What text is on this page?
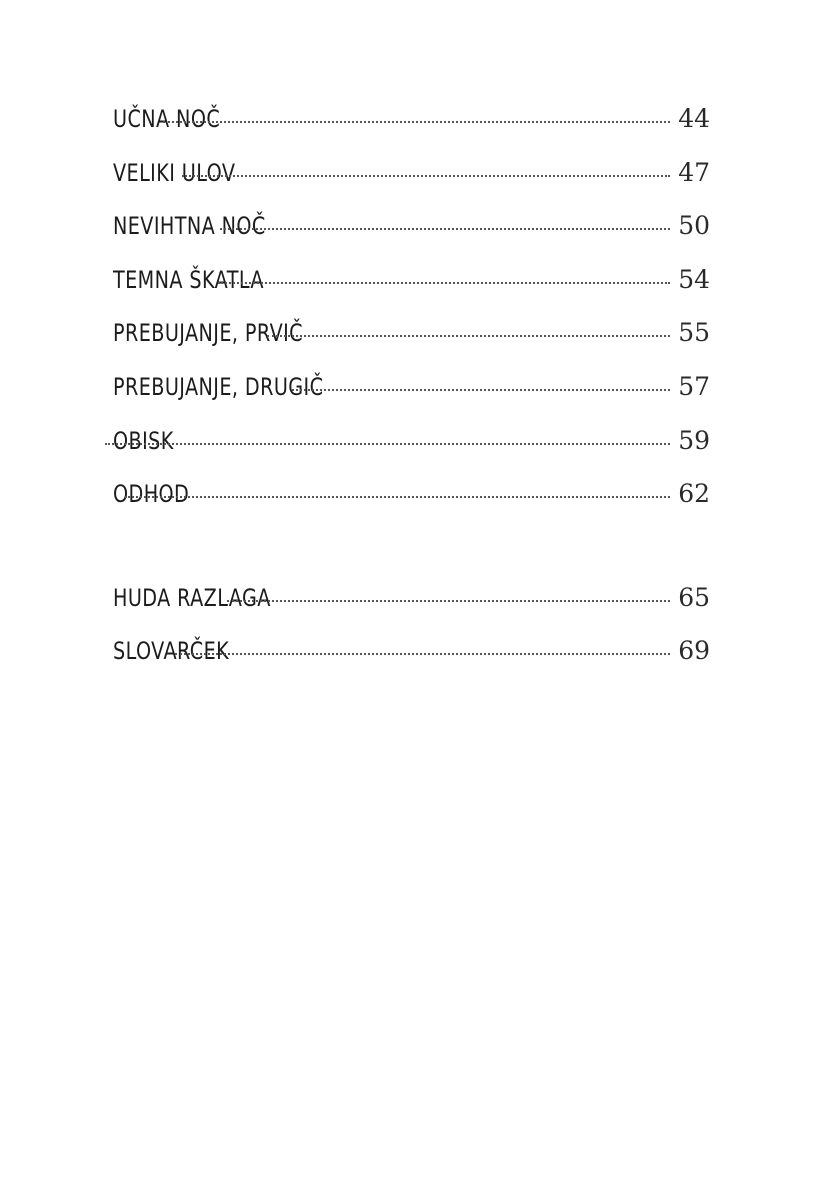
UČNA NOČ	44
VELIKI ULOV	47
NEVIHTNA NOČ	50
TEMNA ŠKATLA	54
PREBUJANJE, PRVIČ	55
PREBUJANJE, DRUGIČ	57
OBISK	59
ODHOD	62
HUDA RAZLAGA	65
SLOVARČEK	69
